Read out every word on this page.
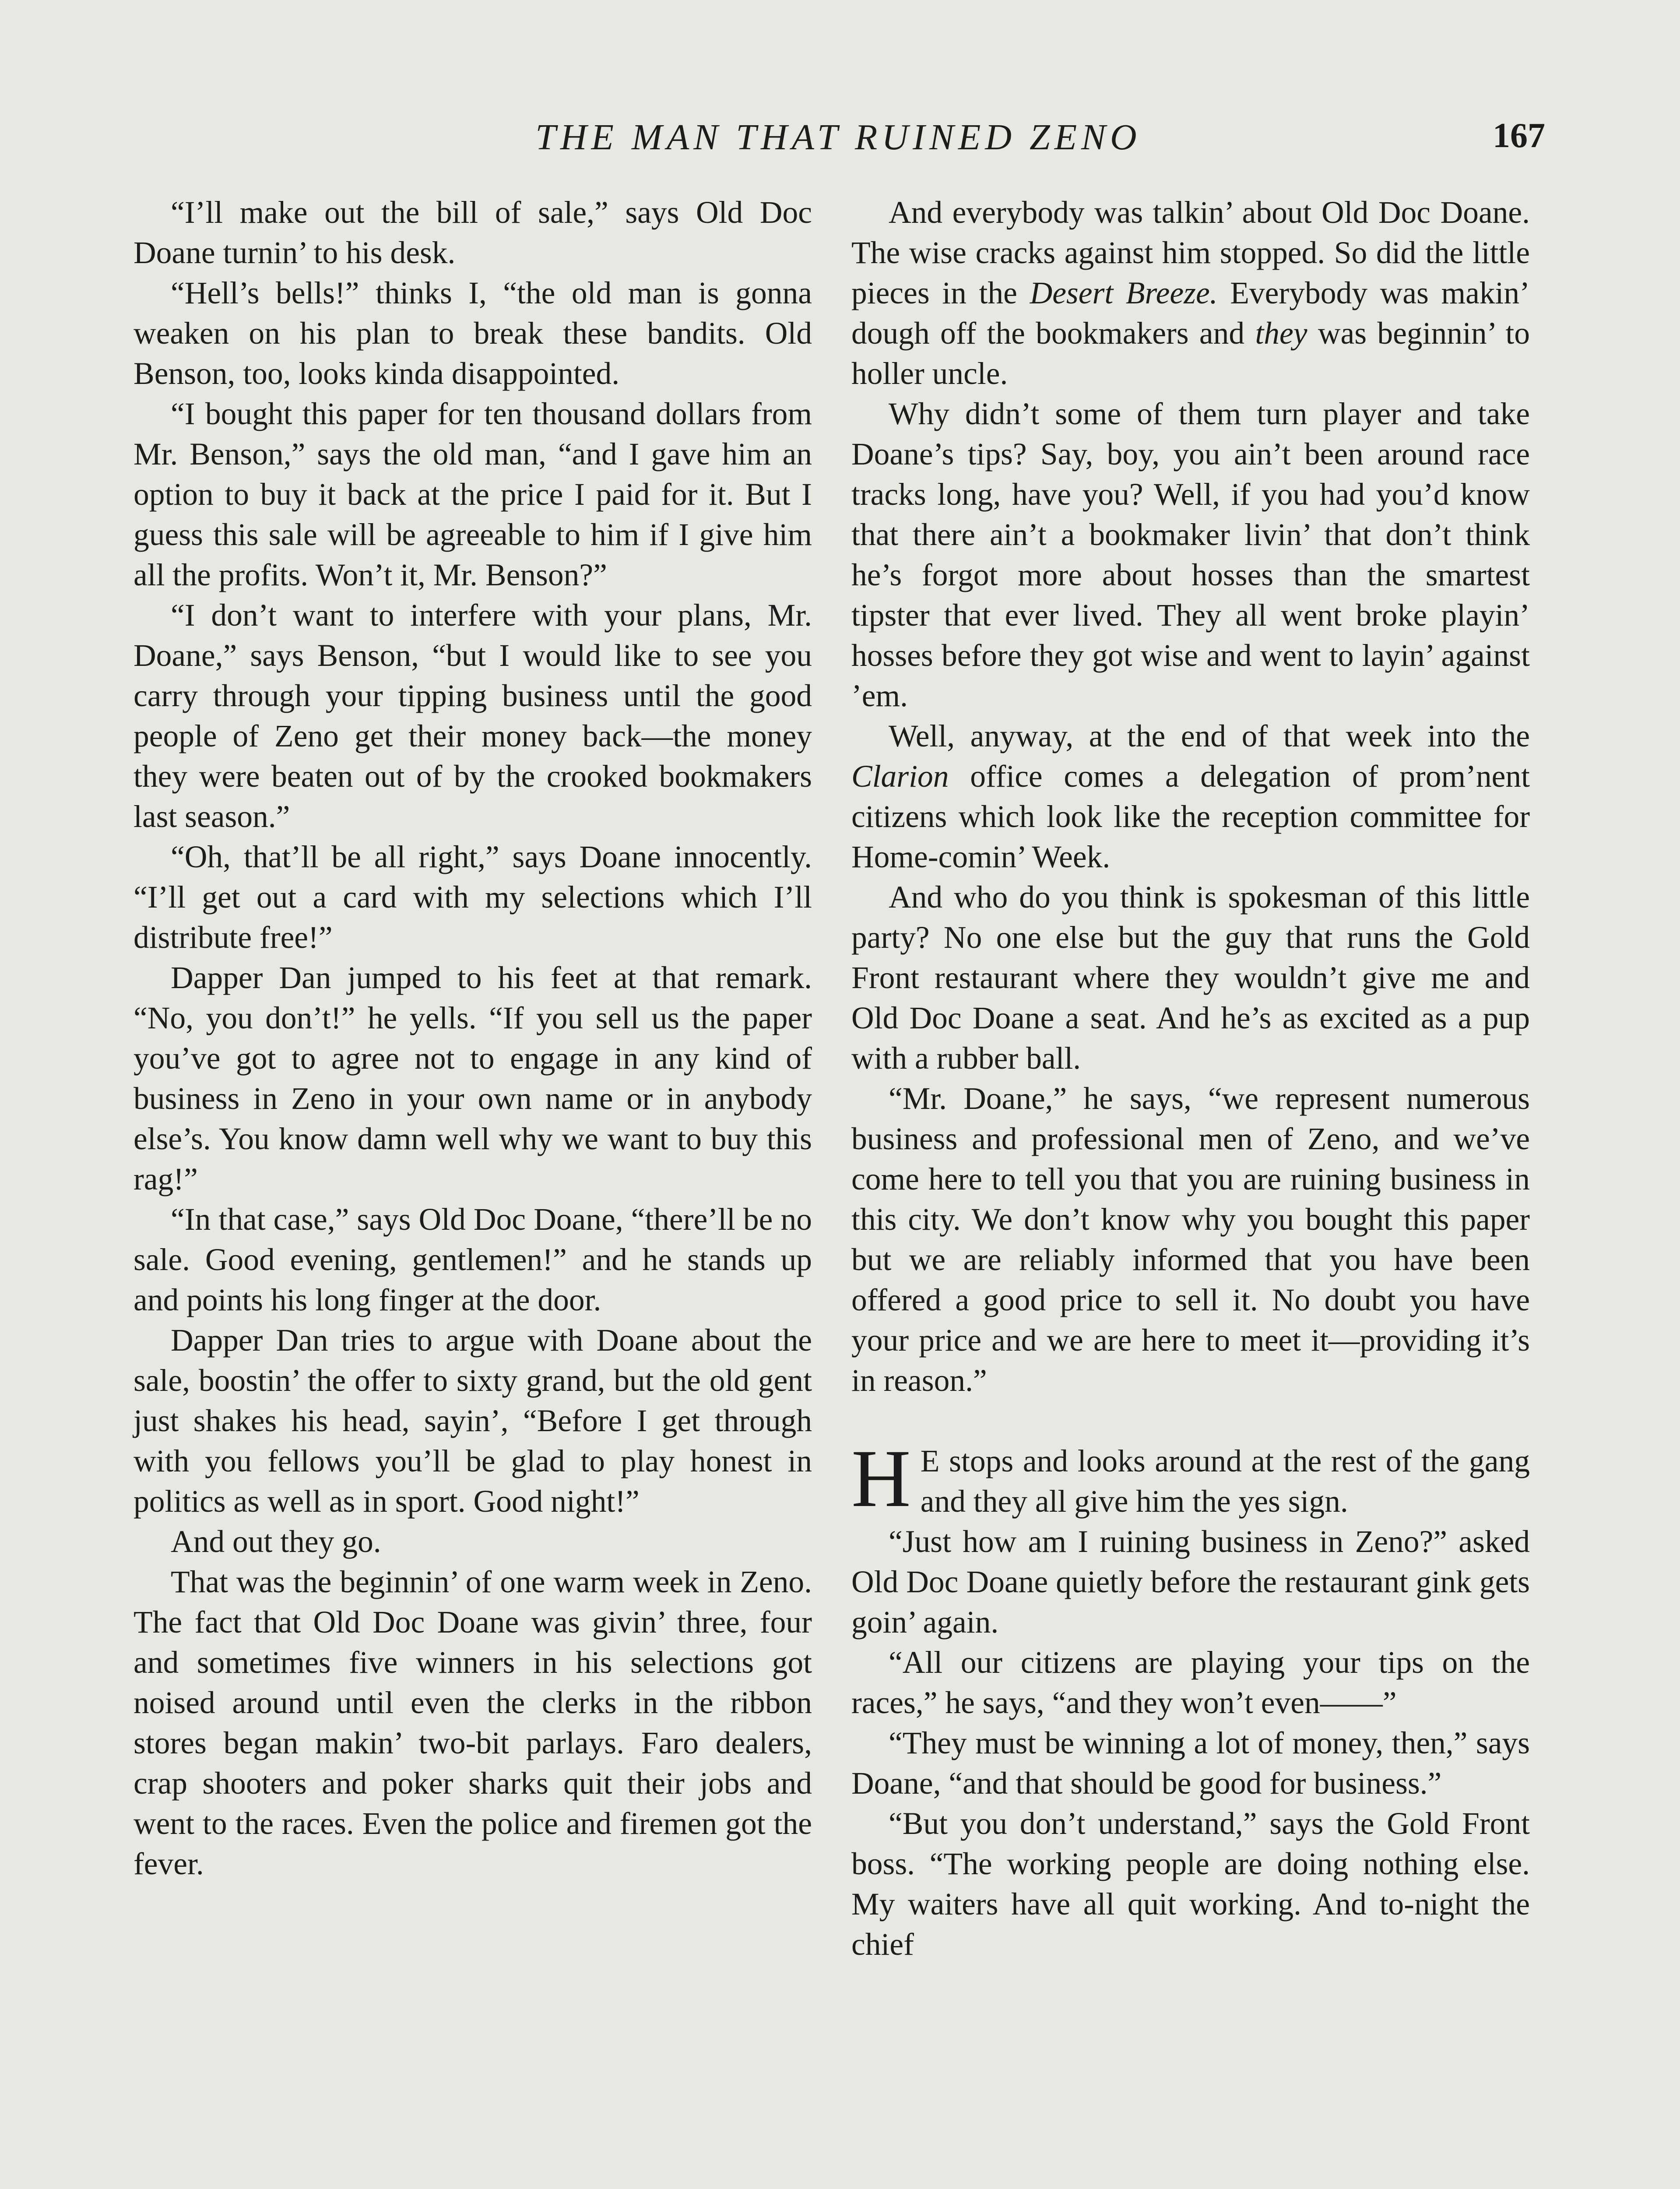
THE MAN THAT RUINED ZENO	167

“I’ll make out the bill of sale,” says Old Doc Doane turnin’ to his desk.

“Hell’s bells!” thinks I, “the old man is gonna weaken on his plan to break these bandits. Old Benson, too, looks kinda disappointed.

“I bought this paper for ten thousand dollars from Mr. Benson,” says the old man, “and I gave him an option to buy it back at the price I paid for it. But I guess this sale will be agreeable to him if I give him all the profits. Won’t it, Mr. Benson?”

“I don’t want to interfere with your plans, Mr. Doane,” says Benson, “but I would like to see you carry through your tipping business until the good people of Zeno get their money back—the money they were beaten out of by the crooked bookmakers last season.”

“Oh, that’ll be all right,” says Doane innocently. “I’ll get out a card with my selections which I’ll distribute free!”

Dapper Dan jumped to his feet at that remark. “No, you don’t!” he yells. “If you sell us the paper you’ve got to agree not to engage in any kind of business in Zeno in your own name or in anybody else’s. You know damn well why we want to buy this rag!”

“In that case,” says Old Doc Doane, “there’ll be no sale. Good evening, gentlemen!” and he stands up and points his long finger at the door.

Dapper Dan tries to argue with Doane about the sale, boostin’ the offer to sixty grand, but the old gent just shakes his head, sayin’, “Before I get through with you fellows you’ll be glad to play honest in politics as well as in sport. Good night!”

And out they go.

That was the beginnin’ of one warm week in Zeno. The fact that Old Doc Doane was givin’ three, four and sometimes five winners in his selections got noised around until even the clerks in the ribbon stores began makin’ two-bit parlays. Faro dealers, crap shooters and poker sharks quit their jobs and went to the races. Even the police and firemen got the fever.

And everybody was talkin’ about Old Doc Doane. The wise cracks against him stopped. So did the little pieces in the Desert Breeze. Everybody was makin’ dough off the bookmakers and they was beginnin’ to holler uncle.

Why didn’t some of them turn player and take Doane’s tips? Say, boy, you ain’t been around race tracks long, have you? Well, if you had you’d know that there ain’t a bookmaker livin’ that don’t think he’s forgot more about hosses than the smartest tipster that ever lived. They all went broke playin’ hosses before they got wise and went to layin’ against ’em.

Well, anyway, at the end of that week into the Clarion office comes a delegation of prom’nent citizens which look like the reception committee for Home-comin’ Week.

And who do you think is spokesman of this little party? No one else but the guy that runs the Gold Front restaurant where they wouldn’t give me and Old Doc Doane a seat. And he’s as excited as a pup with a rubber ball.

“Mr. Doane,” he says, “we represent numerous business and professional men of Zeno, and we’ve come here to tell you that you are ruining business in this city. We don’t know why you bought this paper but we are reliably informed that you have been offered a good price to sell it. No doubt you have your price and we are here to meet it—providing it’s in reason.”

H E stops and looks around at the rest of the gang and they all give him the yes sign.

“Just how am I ruining business in Zeno?” asked Old Doc Doane quietly before the restaurant gink gets goin’ again.

“All our citizens are playing your tips on the races,” he says, “and they won’t even——”

“They must be winning a lot of money, then,” says Doane, “and that should be good for business.”

“But you don’t understand,” says the Gold Front boss. “The working people are doing nothing else. My waiters have all quit working. And to-night the chief
